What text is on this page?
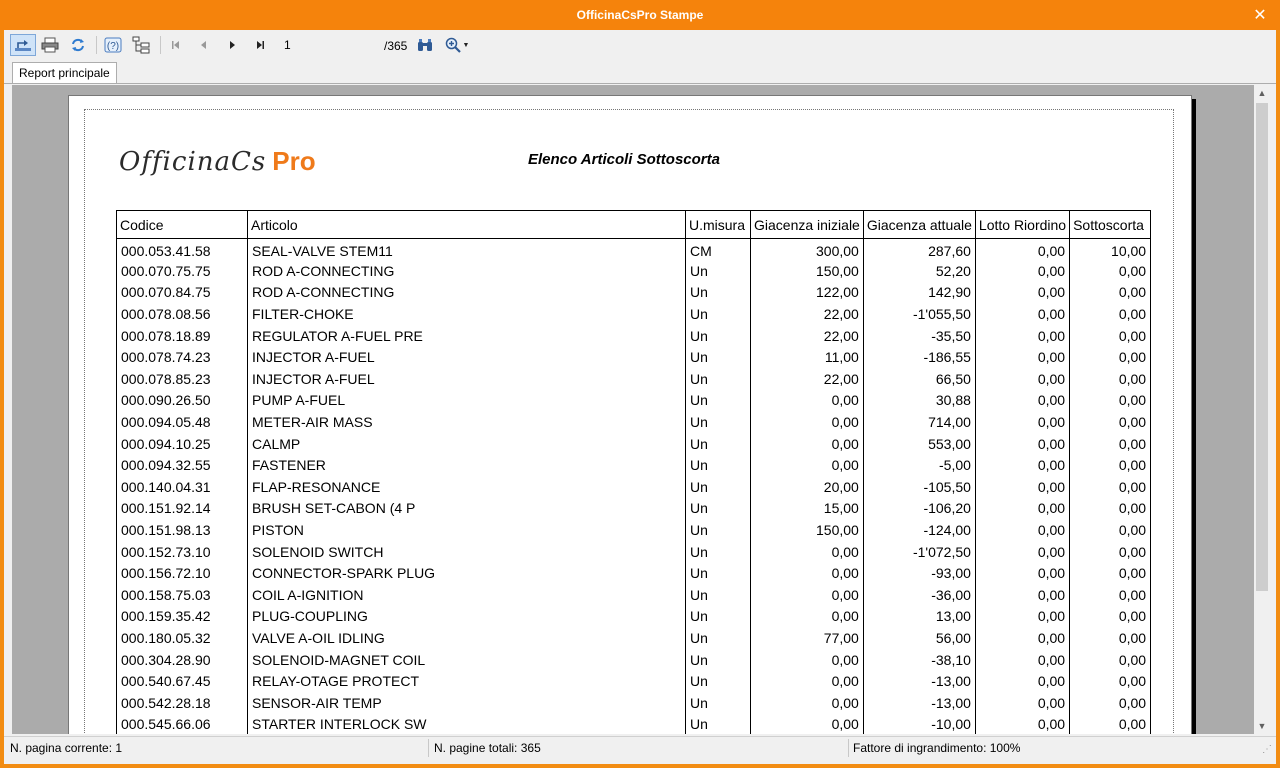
OfficinaCsPro Stampe	✕
(?)
1	/365	▼
Report principale
OfficinaCs Pro	Elenco Articoli Sottoscorta
Codice	Articolo	U.misura	Giacenza iniziale	Giacenza attuale	Lotto Riordino	Sottoscorta
000.053.41.58	SEAL-VALVE STEM11	CM	300,00	287,60	0,00	10,00
000.070.75.75	ROD A-CONNECTING	Un	150,00	52,20	0,00	0,00
000.070.84.75	ROD A-CONNECTING	Un	122,00	142,90	0,00	0,00
000.078.08.56	FILTER-CHOKE	Un	22,00	-1'055,50	0,00	0,00
000.078.18.89	REGULATOR A-FUEL PRE	Un	22,00	-35,50	0,00	0,00
000.078.74.23	INJECTOR A-FUEL	Un	11,00	-186,55	0,00	0,00
000.078.85.23	INJECTOR A-FUEL	Un	22,00	66,50	0,00	0,00
000.090.26.50	PUMP A-FUEL	Un	0,00	30,88	0,00	0,00
000.094.05.48	METER-AIR MASS	Un	0,00	714,00	0,00	0,00
000.094.10.25	CALMP	Un	0,00	553,00	0,00	0,00
000.094.32.55	FASTENER	Un	0,00	-5,00	0,00	0,00
000.140.04.31	FLAP-RESONANCE	Un	20,00	-105,50	0,00	0,00
000.151.92.14	BRUSH SET-CABON (4 P	Un	15,00	-106,20	0,00	0,00
000.151.98.13	PISTON	Un	150,00	-124,00	0,00	0,00
000.152.73.10	SOLENOID SWITCH	Un	0,00	-1'072,50	0,00	0,00
000.156.72.10	CONNECTOR-SPARK PLUG	Un	0,00	-93,00	0,00	0,00
000.158.75.03	COIL A-IGNITION	Un	0,00	-36,00	0,00	0,00
000.159.35.42	PLUG-COUPLING	Un	0,00	13,00	0,00	0,00
000.180.05.32	VALVE A-OIL IDLING	Un	77,00	56,00	0,00	0,00
000.304.28.90	SOLENOID-MAGNET COIL	Un	0,00	-38,10	0,00	0,00
000.540.67.45	RELAY-OTAGE PROTECT	Un	0,00	-13,00	0,00	0,00
000.542.28.18	SENSOR-AIR TEMP	Un	0,00	-13,00	0,00	0,00
000.545.66.06	STARTER INTERLOCK SW	Un	0,00	-10,00	0,00	0,00
▲
▼
N. pagina corrente: 1	N. pagine totali: 365	Fattore di ingrandimento: 100%	⋰
